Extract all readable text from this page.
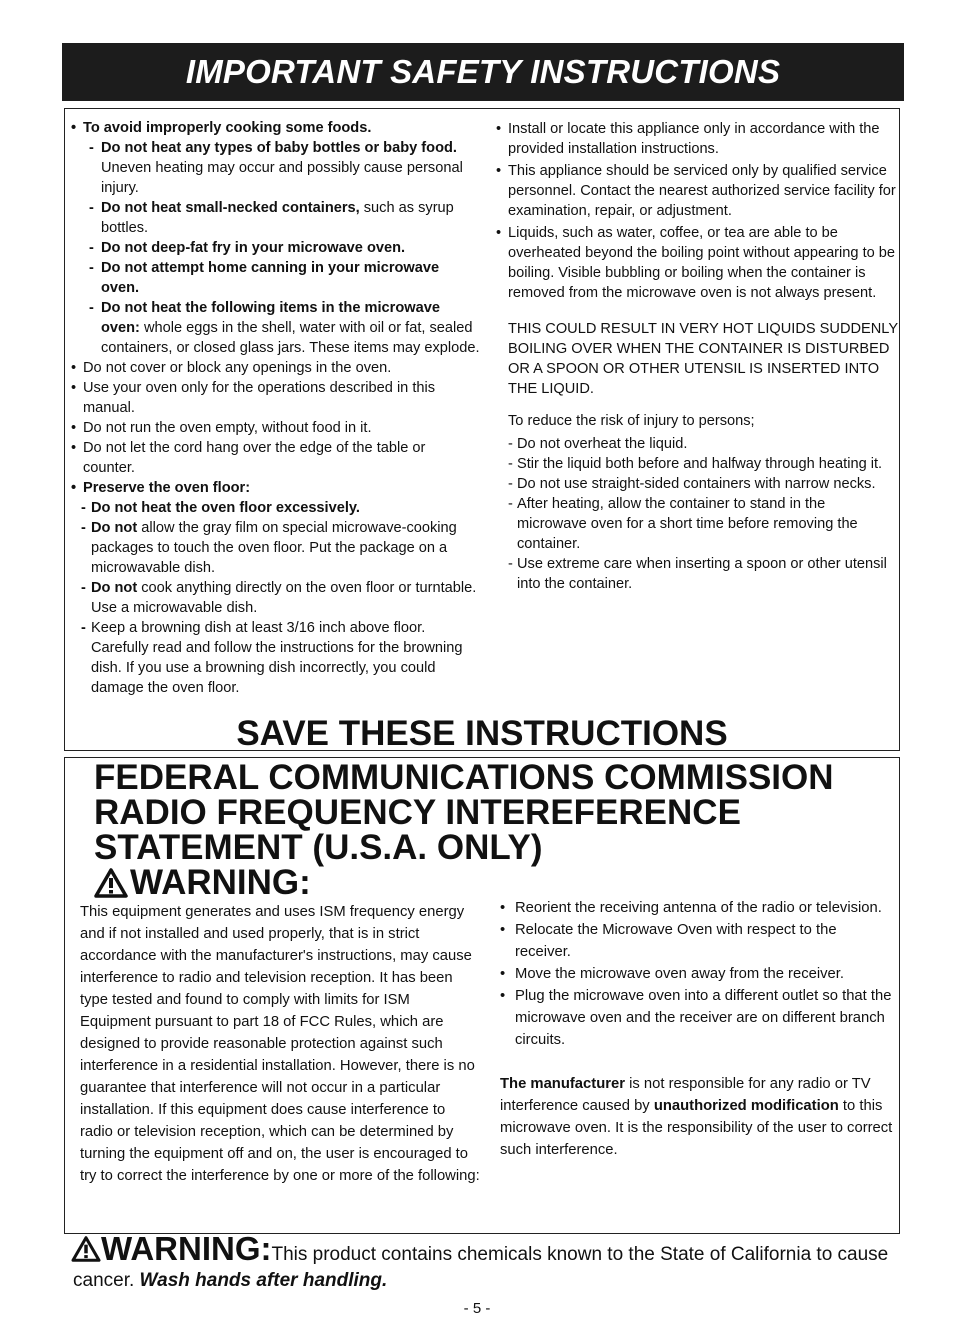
IMPORTANT SAFETY INSTRUCTIONS
• To avoid improperly cooking some foods.
- Do not heat any types of baby bottles or baby food. Uneven heating may occur and possibly cause personal injury.
- Do not heat small-necked containers, such as syrup bottles.
- Do not deep-fat fry in your microwave oven.
- Do not attempt home canning in your microwave oven.
- Do not heat the following items in the microwave oven: whole eggs in the shell, water with oil or fat, sealed containers, or closed glass jars. These items may explode.
• Do not cover or block any openings in the oven.
• Use your oven only for the operations described in this manual.
• Do not run the oven empty, without food in it.
• Do not let the cord hang over the edge of the table or counter.
• Preserve the oven floor:
- Do not heat the oven floor excessively.
- Do not allow the gray film on special microwave-cooking packages to touch the oven floor. Put the package on a microwavable dish.
- Do not cook anything directly on the oven floor or turntable. Use a microwavable dish.
- Keep a browning dish at least 3/16 inch above floor. Carefully read and follow the instructions for the browning dish. If you use a browning dish incorrectly, you could damage the oven floor.
• Install or locate this appliance only in accordance with the provided installation instructions.
• This appliance should be serviced only by qualified service personnel. Contact the nearest authorized service facility for examination, repair, or adjustment.
• Liquids, such as water, coffee, or tea are able to be overheated beyond the boiling point without appearing to be boiling. Visible bubbling or boiling when the container is removed from the microwave oven is not always present.

THIS COULD RESULT IN VERY HOT LIQUIDS SUDDENLY BOILING OVER WHEN THE CONTAINER IS DISTURBED OR A SPOON OR OTHER UTENSIL IS INSERTED INTO THE LIQUID.

To reduce the risk of injury to persons;

- Do not overheat the liquid.
- Stir the liquid both before and halfway through heating it.
- Do not use straight-sided containers with narrow necks.
- After heating, allow the container to stand in the microwave oven for a short time before removing the container.
- Use extreme care when inserting a spoon or other utensil into the container.
SAVE THESE INSTRUCTIONS
FEDERAL COMMUNICATIONS COMMISSION
RADIO FREQUENCY INTEREFERENCE
STATEMENT (U.S.A. ONLY)
WARNING:

This equipment generates and uses ISM frequency energy and if not installed and used properly, that is in strict accordance with the manufacturer's instructions, may cause interference to radio and television reception. It has been type tested and found to comply with limits for ISM Equipment pursuant to part 18 of FCC Rules, which are designed to provide reasonable protection against such interference in a residential installation. However, there is no guarantee that interference will not occur in a particular installation. If this equipment does cause interference to radio or television reception, which can be determined by turning the equipment off and on, the user is encouraged to try to correct the interference by one or more of the following:

• Reorient the receiving antenna of the radio or television.
• Relocate the Microwave Oven with respect to the receiver.
• Move the microwave oven away from the receiver.
• Plug the microwave oven into a different outlet so that the microwave oven and the receiver are on different branch circuits.

The manufacturer is not responsible for any radio or TV interference caused by unauthorized modification to this microwave oven. It is the responsibility of the user to correct such interference.

WARNING:This product contains chemicals known to the State of California to cause cancer. Wash hands after handling.
- 5 -
